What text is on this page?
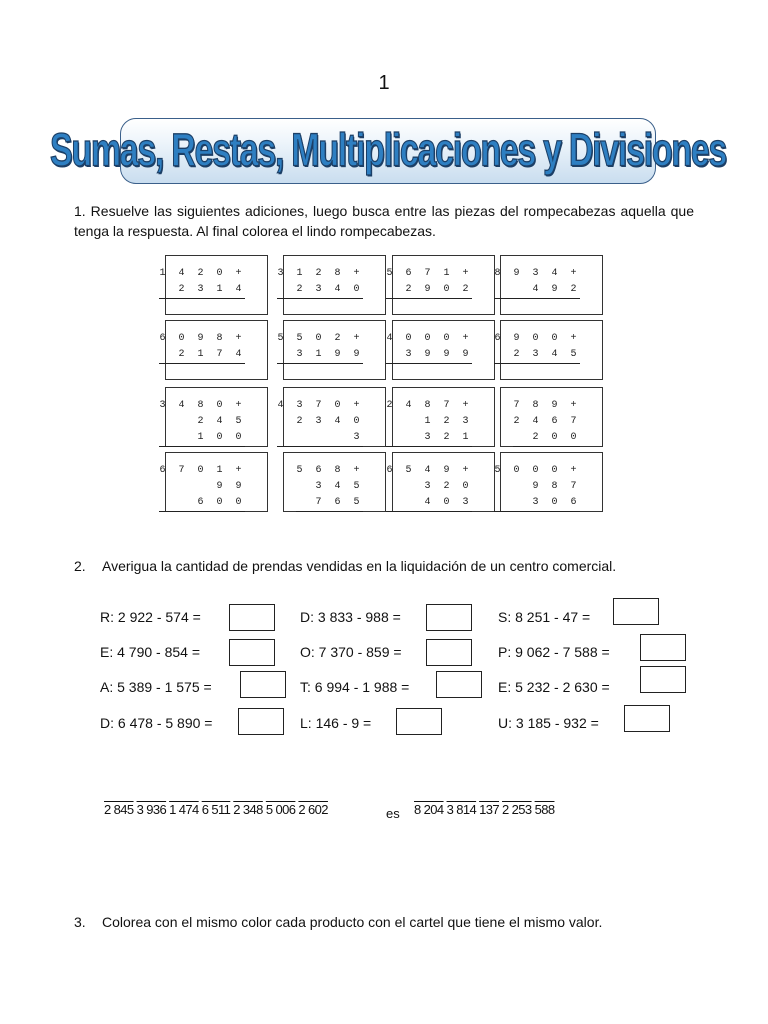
1
Sumas, Restas, Multiplicaciones y Divisiones
1. Resuelve las siguientes adiciones, luego busca entre las piezas del rompecabezas aquella que tenga la respuesta. Al final colorea el lindo rompecabezas.
1 4 2 0 +
2 3 1 4
3 1 2 8 +
2 3 4 0
5 6 7 1 +
2 9 0 2
8 9 3 4 +
4 9 2
6 0 9 8 +
2 1 7 4
5 5 0 2 +
3 1 9 9
4 0 0 0 +
3 9 9 9
6 9 0 0 +
2 3 4 5
3 4 8 0 +
2 4 5
1 0 0
4 3 7 0 +
2 3 4 0
3
2 4 8 7 +
1 2 3
3 2 1
7 8 9 +
2 4 6 7
2 0 0
6 7 0 1 +
9 9
6 0 0
5 6 8 +
3 4 5
7 6 5
6 5 4 9 +
3 2 0
4 0 3
5 0 0 0 +
9 8 7
3 0 6
2. Averigua la cantidad de prendas vendidas en la liquidación de un centro comercial.
R: 2 922 - 574 =
E: 4 790 - 854 =
A: 5 389 - 1 575 =
D: 6 478 - 5 890 =
D: 3 833 - 988 =
O: 7 370 - 859 =
T: 6 994 - 1 988 =
L: 146 - 9 =
S: 8 251 - 47 =
P: 9 062 - 7 588 =
E: 5 232 - 2 630 =
U: 3 185 - 932 =
2 845 3 936 1 474 6 511 2 348 5 006 2 602	es 8 204 3 814 137 2 253 588
3. Colorea con el mismo color cada producto con el cartel que tiene el mismo valor.
